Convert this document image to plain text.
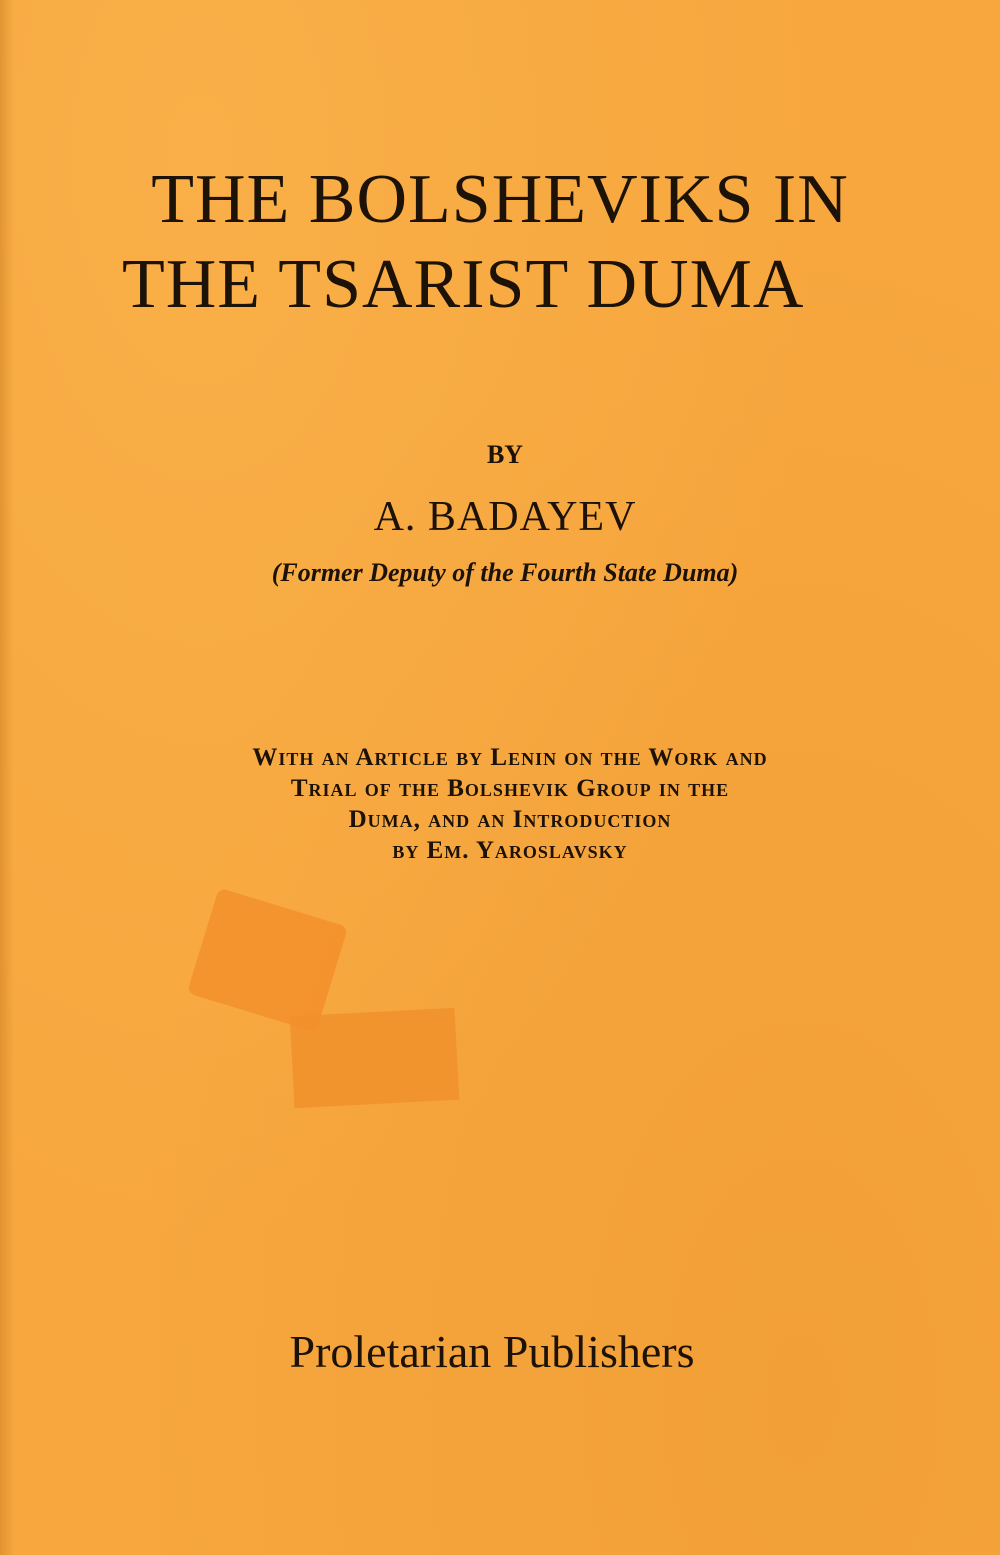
THE BOLSHEVIKS IN
THE TSARIST DUMA
BY
A. BADAYEV
(Former Deputy of the Fourth State Duma)
With an Article by Lenin on the Work and
Trial of the Bolshevik Group in the
Duma, and an Introduction
by Em. Yaroslavsky
Proletarian Publishers
